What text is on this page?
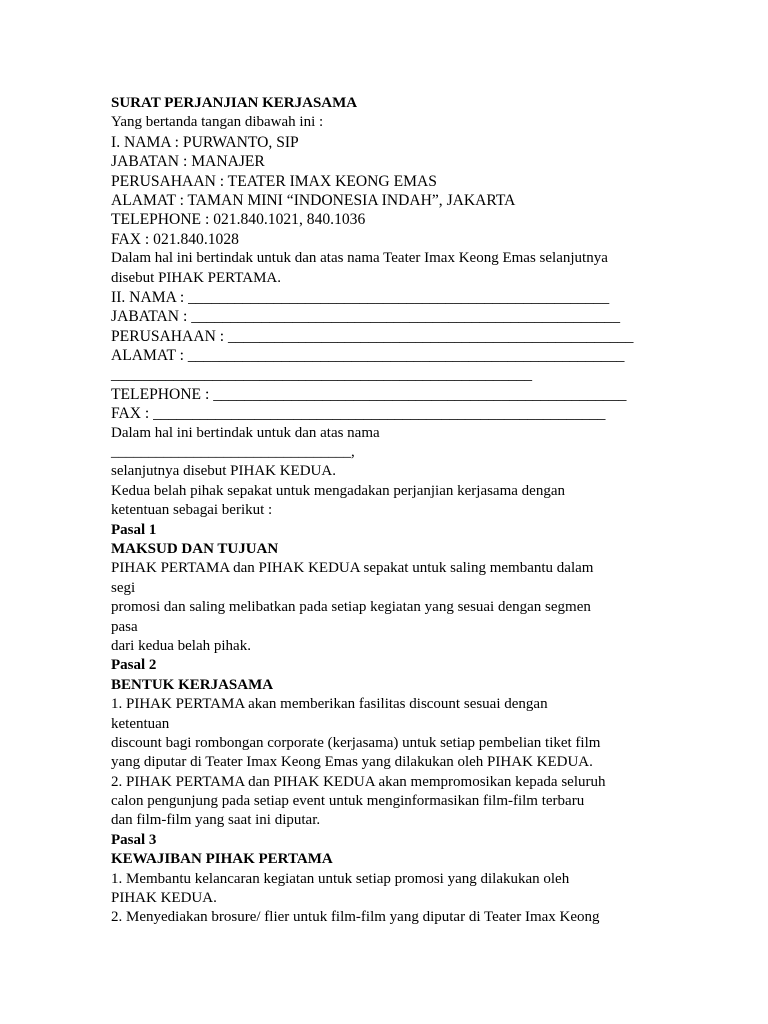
SURAT PERJANJIAN KERJASAMA
Yang bertanda tangan dibawah ini :
I. NAMA : PURWANTO, SIP
JABATAN : MANAJER
PERUSAHAAN : TEATER IMAX KEONG EMAS
ALAMAT : TAMAN MINI “INDONESIA INDAH”, JAKARTA
TELEPHONE : 021.840.1021, 840.1036
FAX : 021.840.1028
Dalam hal ini bertindak untuk dan atas nama Teater Imax Keong Emas selanjutnya
disebut PIHAK PERTAMA.
II. NAMA : ______________________________________________________
JABATAN : _______________________________________________________
PERUSAHAAN : ____________________________________________________
ALAMAT : ________________________________________________________
______________________________________________________
TELEPHONE : _____________________________________________________
FAX : __________________________________________________________
Dalam hal ini bertindak untuk dan atas nama
________________________________,
selanjutnya disebut PIHAK KEDUA.
Kedua belah pihak sepakat untuk mengadakan perjanjian kerjasama dengan
ketentuan sebagai berikut :
Pasal 1
MAKSUD DAN TUJUAN
PIHAK PERTAMA dan PIHAK KEDUA sepakat untuk saling membantu dalam
segi
promosi dan saling melibatkan pada setiap kegiatan yang sesuai dengan segmen
pasa
dari kedua belah pihak.
Pasal 2
BENTUK KERJASAMA
1. PIHAK PERTAMA akan memberikan fasilitas discount sesuai dengan
ketentuan
discount bagi rombongan corporate (kerjasama) untuk setiap pembelian tiket film
yang diputar di Teater Imax Keong Emas yang dilakukan oleh PIHAK KEDUA.
2. PIHAK PERTAMA dan PIHAK KEDUA akan mempromosikan kepada seluruh
calon pengunjung pada setiap event untuk menginformasikan film-film terbaru
dan film-film yang saat ini diputar.
Pasal 3
KEWAJIBAN PIHAK PERTAMA
1. Membantu kelancaran kegiatan untuk setiap promosi yang dilakukan oleh
PIHAK KEDUA.
2. Menyediakan brosure/ flier untuk film-film yang diputar di Teater Imax Keong
